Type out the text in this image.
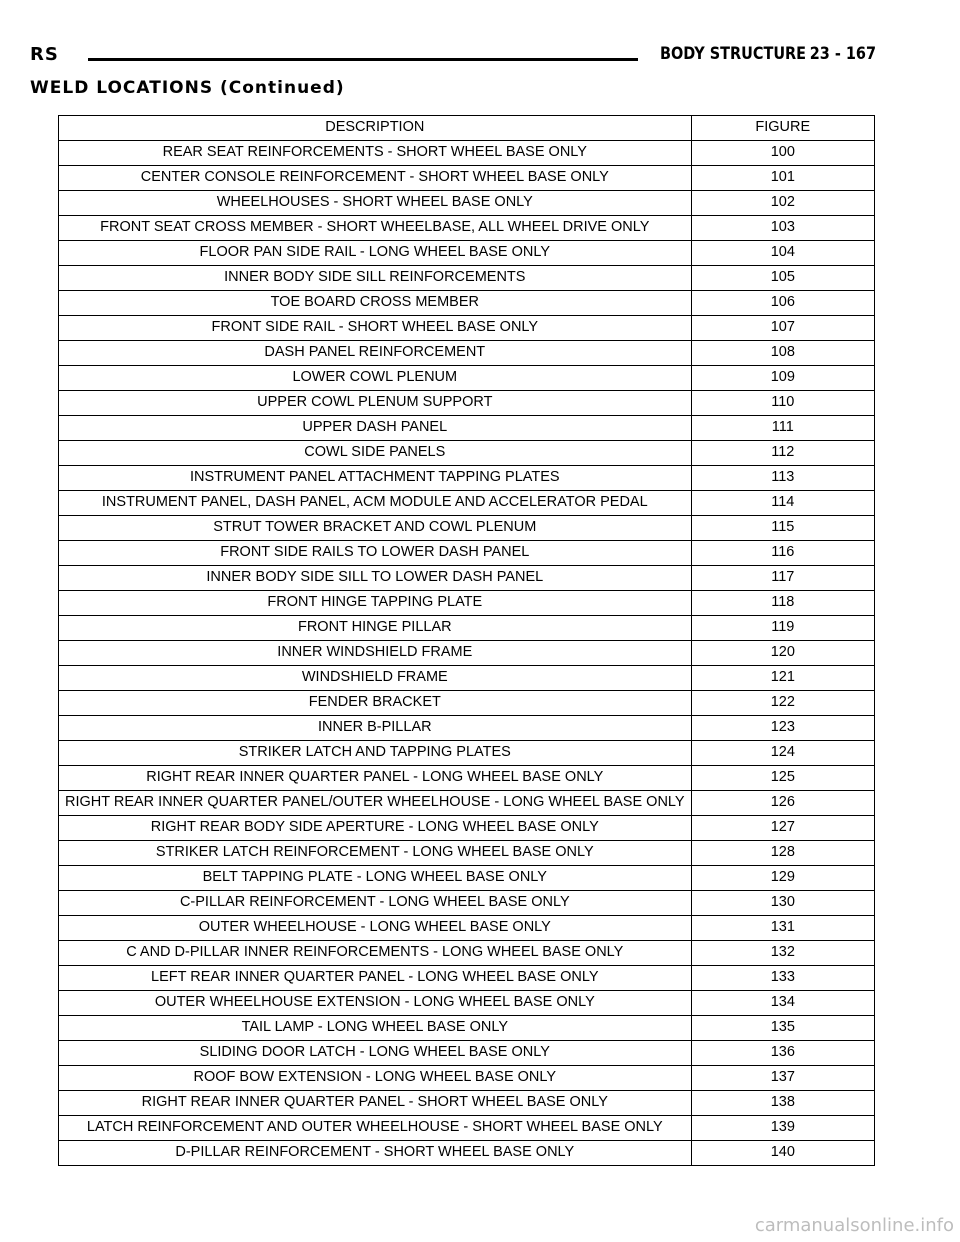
RS	BODY STRUCTURE 23 - 167
WELD LOCATIONS (Continued)
DESCRIPTION	FIGURE
REAR SEAT REINFORCEMENTS - SHORT WHEEL BASE ONLY	100
CENTER CONSOLE REINFORCEMENT - SHORT WHEEL BASE ONLY	101
WHEELHOUSES - SHORT WHEEL BASE ONLY	102
FRONT SEAT CROSS MEMBER - SHORT WHEELBASE, ALL WHEEL DRIVE ONLY	103
FLOOR PAN SIDE RAIL - LONG WHEEL BASE ONLY	104
INNER BODY SIDE SILL REINFORCEMENTS	105
TOE BOARD CROSS MEMBER	106
FRONT SIDE RAIL - SHORT WHEEL BASE ONLY	107
DASH PANEL REINFORCEMENT	108
LOWER COWL PLENUM	109
UPPER COWL PLENUM SUPPORT	110
UPPER DASH PANEL	111
COWL SIDE PANELS	112
INSTRUMENT PANEL ATTACHMENT TAPPING PLATES	113
INSTRUMENT PANEL, DASH PANEL, ACM MODULE AND ACCELERATOR PEDAL	114
STRUT TOWER BRACKET AND COWL PLENUM	115
FRONT SIDE RAILS TO LOWER DASH PANEL	116
INNER BODY SIDE SILL TO LOWER DASH PANEL	117
FRONT HINGE TAPPING PLATE	118
FRONT HINGE PILLAR	119
INNER WINDSHIELD FRAME	120
WINDSHIELD FRAME	121
FENDER BRACKET	122
INNER B-PILLAR	123
STRIKER LATCH AND TAPPING PLATES	124
RIGHT REAR INNER QUARTER PANEL - LONG WHEEL BASE ONLY	125
RIGHT REAR INNER QUARTER PANEL/OUTER WHEELHOUSE - LONG WHEEL BASE ONLY	126
RIGHT REAR BODY SIDE APERTURE - LONG WHEEL BASE ONLY	127
STRIKER LATCH REINFORCEMENT - LONG WHEEL BASE ONLY	128
BELT TAPPING PLATE - LONG WHEEL BASE ONLY	129
C-PILLAR REINFORCEMENT - LONG WHEEL BASE ONLY	130
OUTER WHEELHOUSE - LONG WHEEL BASE ONLY	131
C AND D-PILLAR INNER REINFORCEMENTS - LONG WHEEL BASE ONLY	132
LEFT REAR INNER QUARTER PANEL - LONG WHEEL BASE ONLY	133
OUTER WHEELHOUSE EXTENSION - LONG WHEEL BASE ONLY	134
TAIL LAMP - LONG WHEEL BASE ONLY	135
SLIDING DOOR LATCH - LONG WHEEL BASE ONLY	136
ROOF BOW EXTENSION - LONG WHEEL BASE ONLY	137
RIGHT REAR INNER QUARTER PANEL - SHORT WHEEL BASE ONLY	138
LATCH REINFORCEMENT AND OUTER WHEELHOUSE - SHORT WHEEL BASE ONLY	139
D-PILLAR REINFORCEMENT - SHORT WHEEL BASE ONLY	140
carmanualsonline.info
